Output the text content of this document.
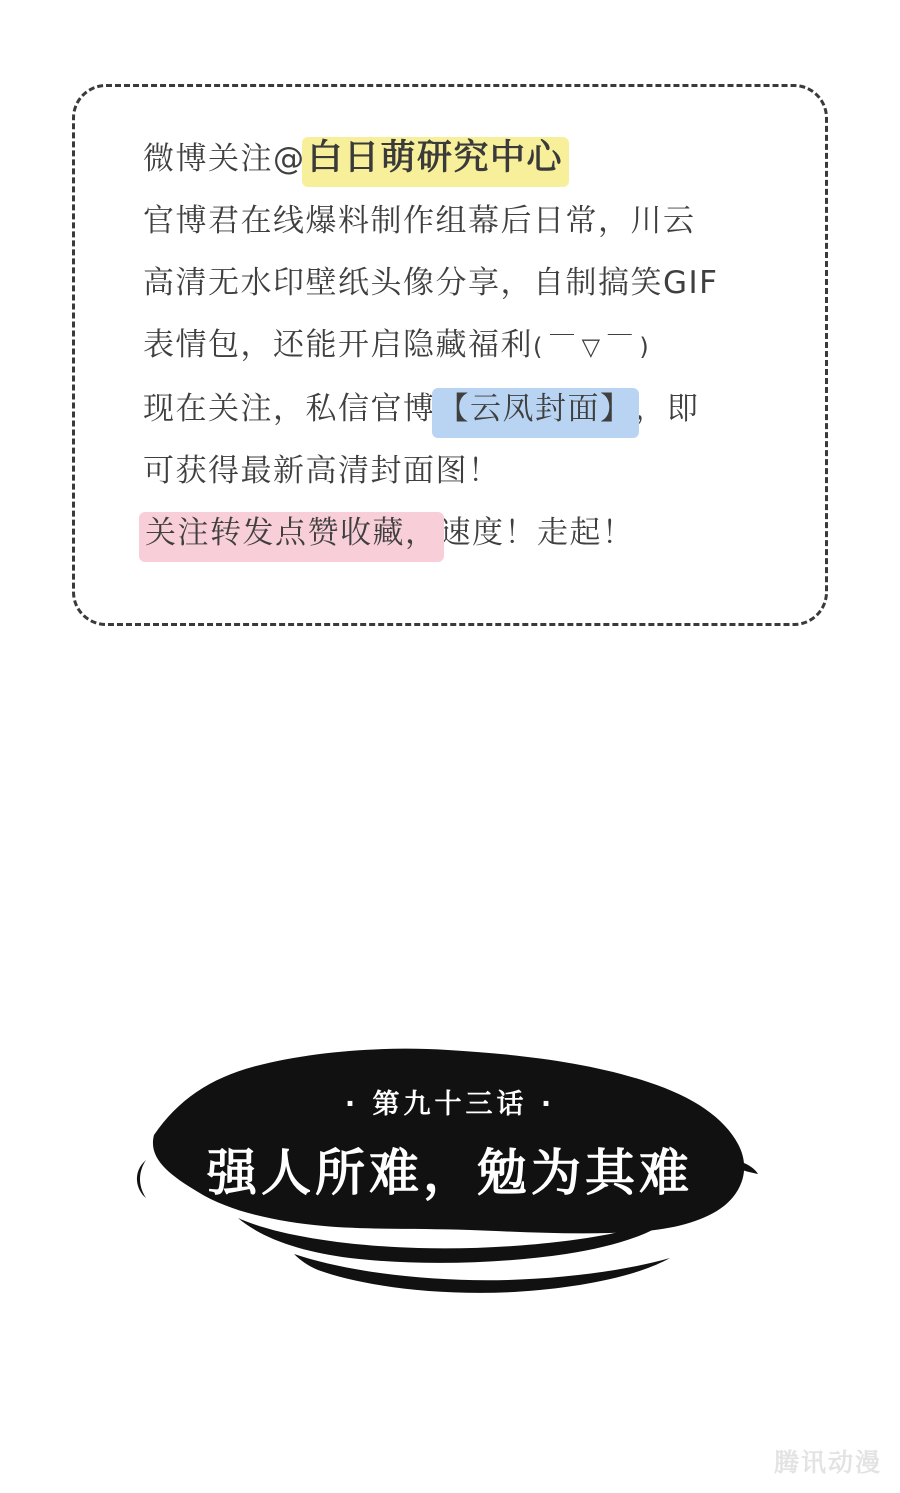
微博关注@白日萌研究中心
官博君在线爆料制作组幕后日常，川云
高清无水印壁纸头像分享，自制搞笑GIF
表情包，还能开启隐藏福利( ￣ ▽ ￣ )
现在关注，私信官博【云凤封面】，即
可获得最新高清封面图！
关注转发点赞收藏，速度！走起！
· 第九十三话 ·
强人所难，勉为其难
腾讯动漫
